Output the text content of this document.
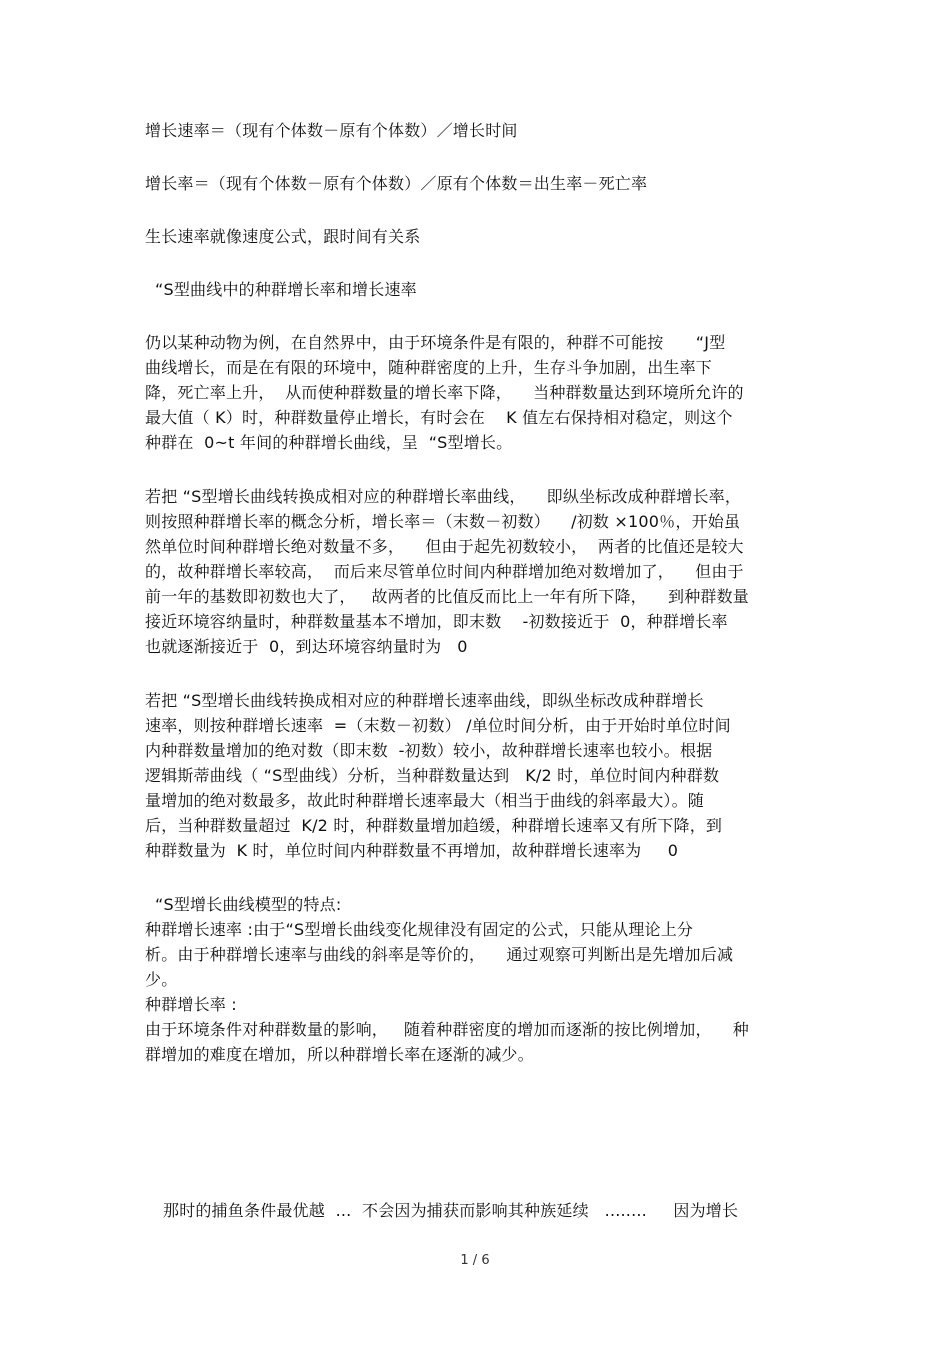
增长速率＝（现有个体数－原有个体数）／增长时间
增长率＝（现有个体数－原有个体数）／原有个体数＝出生率－死亡率
生长速率就像速度公式，跟时间有关系
“S型曲线中的种群增长率和增长速率
仍以某种动物为例，在自然界中，由于环境条件是有限的，种群不可能按　　“J型
曲线增长，而是在有限的环境中，随种群密度的上升，生存斗争加剧，出生率下
降，死亡率上升，  从而使种群数量的增长率下降，    当种群数量达到环境所允许的
最大值（ K）时，种群数量停止增长，有时会在    K 值左右保持相对稳定，则这个
种群在  0~t 年间的种群增长曲线，呈  “S型增长。
若把 “S型增长曲线转换成相对应的种群增长率曲线，    即纵坐标改成种群增长率，
则按照种群增长率的概念分析，增长率＝（末数－初数）    /初数 ×100％，开始虽
然单位时间种群增长绝对数量不多，    但由于起先初数较小，  两者的比值还是较大
的，故种群增长率较高，  而后来尽管单位时间内种群增加绝对数增加了，    但由于
前一年的基数即初数也大了，   故两者的比值反而比上一年有所下降，    到种群数量
接近环境容纳量时，种群数量基本不增加，即末数    -初数接近于  0，种群增长率
也就逐渐接近于  0，到达环境容纳量时为   0
若把 “S型增长曲线转换成相对应的种群增长速率曲线，即纵坐标改成种群增长
速率，则按种群增长速率  =（末数－初数） /单位时间分析，由于开始时单位时间
内种群数量增加的绝对数（即末数  -初数）较小，故种群增长速率也较小。根据
逻辑斯蒂曲线（ “S型曲线）分析，当种群数量达到   K/2 时，单位时间内种群数
量增加的绝对数最多，故此时种群增长速率最大（相当于曲线的斜率最大）。随
后，当种群数量超过  K/2 时，种群数量增加趋缓，种群增长速率又有所下降，到
种群数量为  K 时，单位时间内种群数量不再增加，故种群增长速率为     0
“S型增长曲线模型的特点:
种群增长速率 :由于“S型增长曲线变化规律没有固定的公式，只能从理论上分
析。由于种群增长速率与曲线的斜率是等价的，    通过观察可判断出是先增加后减
少。
种群增长率 :
由于环境条件对种群数量的影响，   随着种群密度的增加而逐渐的按比例增加，    种
群增加的难度在增加，所以种群增长率在逐渐的减少。
那时的捕鱼条件最优越  ...  不会因为捕获而影响其种族延续   ........     因为增长
1 / 6
